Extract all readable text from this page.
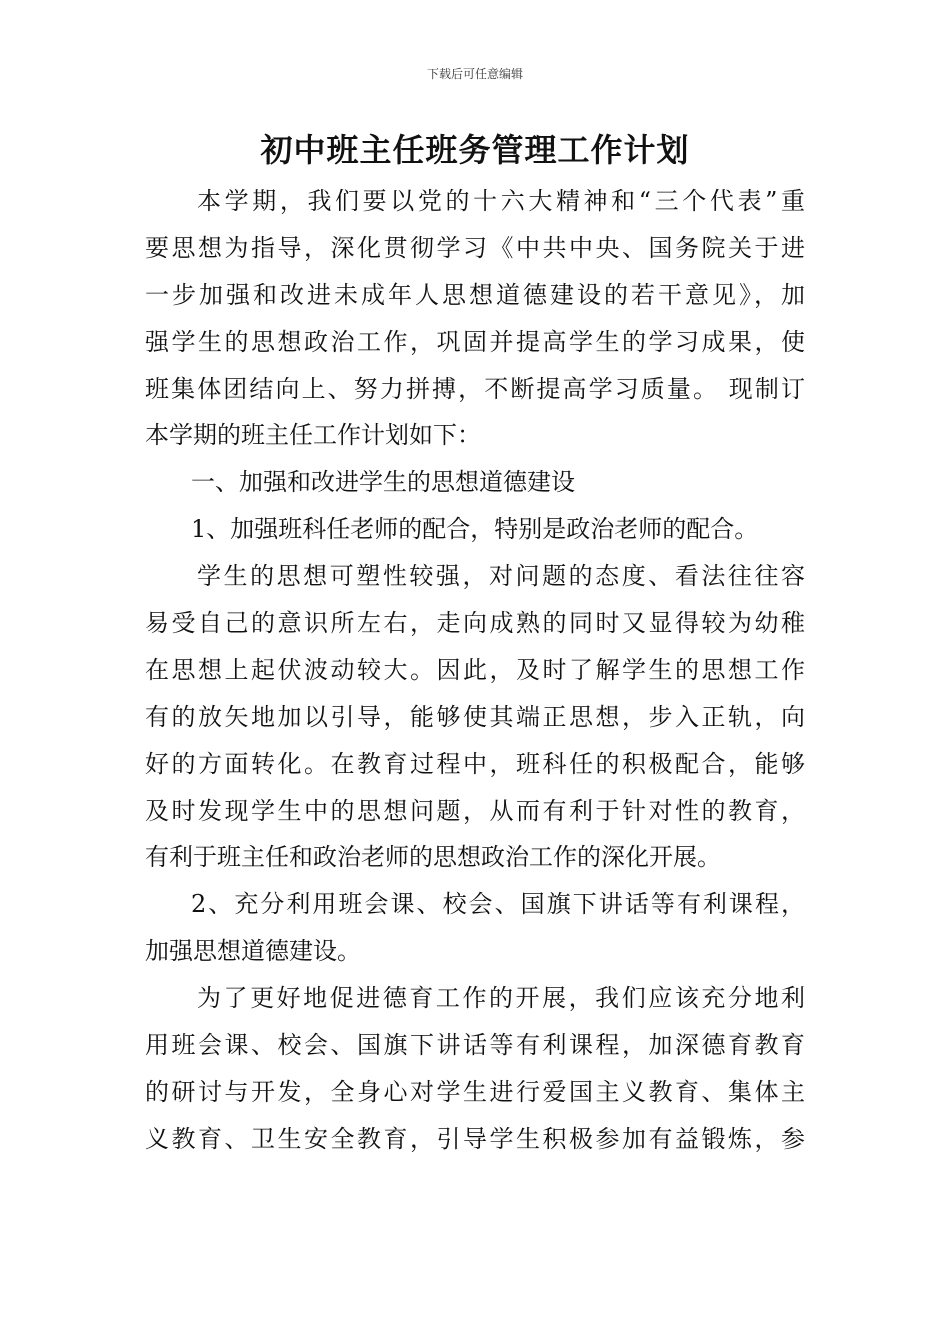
下载后可任意编辑
初中班主任班务管理工作计划
本学期，我们要以党的十六大精神和“三个代表”重
要思想为指导，深化贯彻学习《中共中央、国务院关于进
一步加强和改进未成年人思想道德建设的若干意见》，加
强学生的思想政治工作，巩固并提高学生的学习成果，使
班集体团结向上、努力拼搏，不断提高学习质量。 现制订
本学期的班主任工作计划如下：
一、加强和改进学生的思想道德建设
1、加强班科任老师的配合，特别是政治老师的配合。
学生的思想可塑性较强，对问题的态度、看法往往容
易受自己的意识所左右，走向成熟的同时又显得较为幼稚
在思想上起伏波动较大。因此，及时了解学生的思想工作
有的放矢地加以引导，能够使其端正思想，步入正轨，向
好的方面转化。在教育过程中，班科任的积极配合，能够
及时发现学生中的思想问题，从而有利于针对性的教育，
有利于班主任和政治老师的思想政治工作的深化开展。
2、充分利用班会课、校会、国旗下讲话等有利课程，
加强思想道德建设。
为了更好地促进德育工作的开展，我们应该充分地利
用班会课、校会、国旗下讲话等有利课程，加深德育教育
的研讨与开发，全身心对学生进行爱国主义教育、集体主
义教育、卫生安全教育，引导学生积极参加有益锻炼，参
